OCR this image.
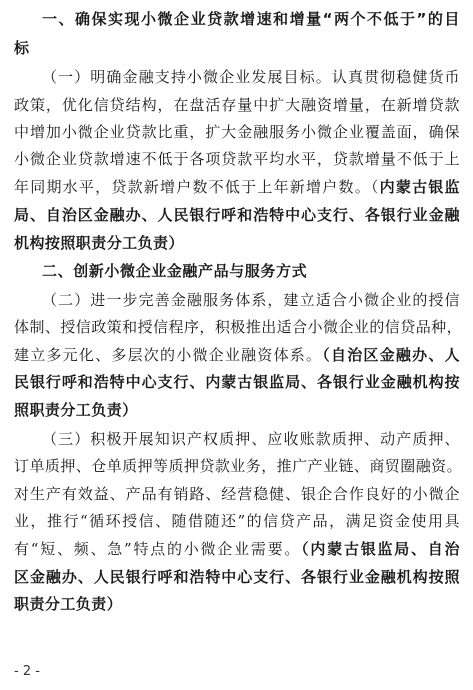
一、确保实现小微企业贷款增速和增量“两个不低于”的目
标
（一）明确金融支持小微企业发展目标。认真贯彻稳健货币
政策，优化信贷结构，在盘活存量中扩大融资增量，在新增贷款
中增加小微企业贷款比重，扩大金融服务小微企业覆盖面，确保
小微企业贷款增速不低于各项贷款平均水平，贷款增量不低于上
年同期水平，贷款新增户数不低于上年新增户数。（内蒙古银监
局、自治区金融办、人民银行呼和浩特中心支行、各银行业金融
机构按照职责分工负责）
二、创新小微企业金融产品与服务方式
（二）进一步完善金融服务体系，建立适合小微企业的授信
体制、授信政策和授信程序，积极推出适合小微企业的信贷品种，
建立多元化、多层次的小微企业融资体系。（自治区金融办、人
民银行呼和浩特中心支行、内蒙古银监局、各银行业金融机构按
照职责分工负责）
（三）积极开展知识产权质押、应收账款质押、动产质押、
订单质押、仓单质押等质押贷款业务，推广产业链、商贸圈融资。
对生产有效益、产品有销路、经营稳健、银企合作良好的小微企
业，推行“循环授信、随借随还”的信贷产品，满足资金使用具
有“短、频、急”特点的小微企业需要。（内蒙古银监局、自治
区金融办、人民银行呼和浩特中心支行、各银行业金融机构按照
职责分工负责）
- 2 -
